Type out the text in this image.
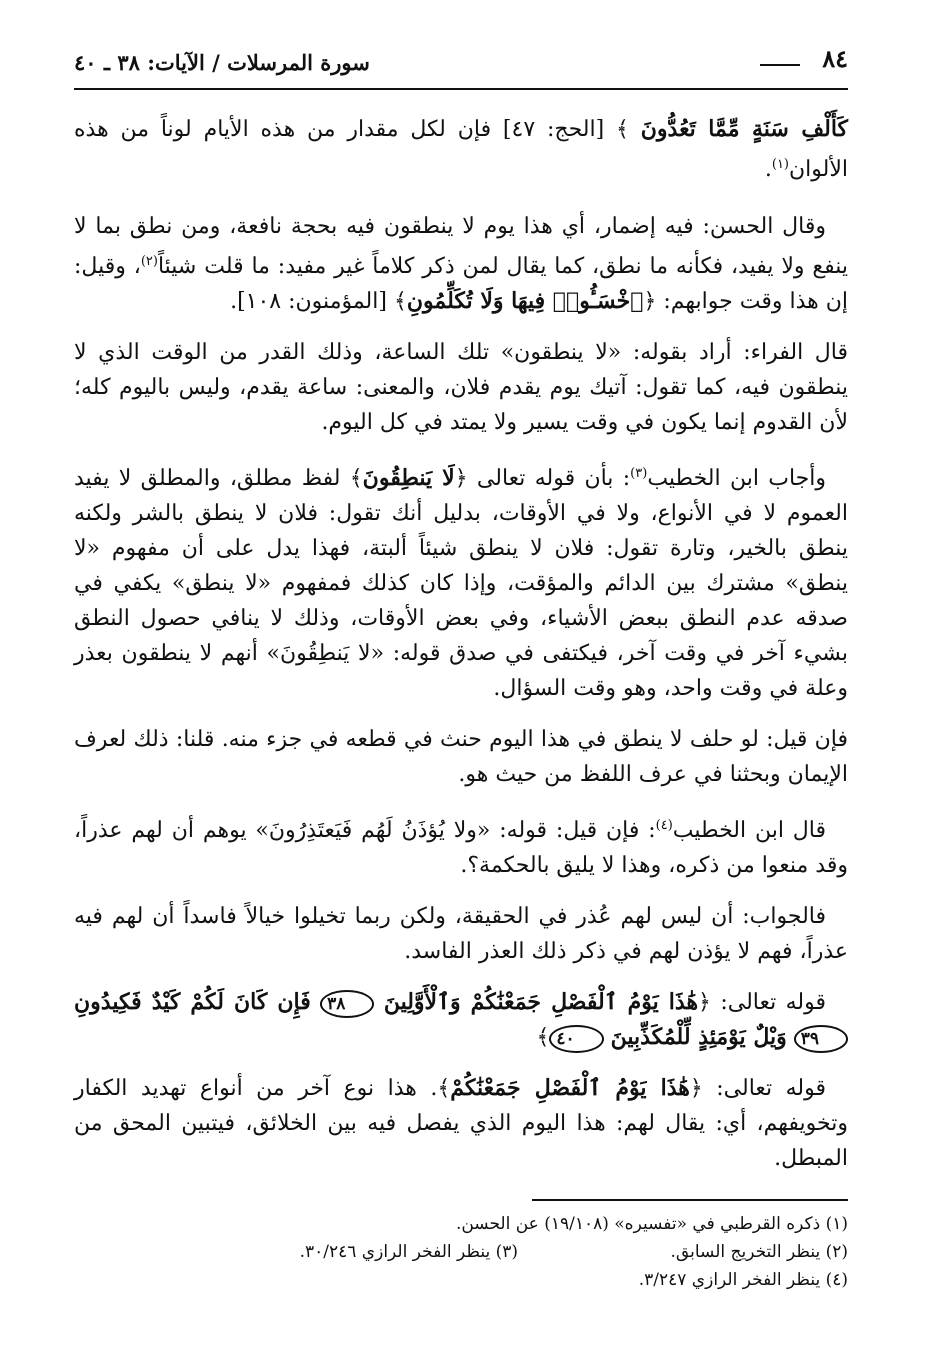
٨٤
سورة المرسلات / الآيات: ٣٨ ـ ٤٠

كَأَلْفِ سَنَةٍ مِّمَّا تَعُدُّونَ ﴾ [الحج: ٤٧] فإن لكل مقدار من هذه الأيام لوناً من هذه الألوان$^{(١)}$.

وقال الحسن: فيه إضمار، أي هذا يوم لا ينطقون فيه بحجة نافعة، ومن نطق بما لا ينفع ولا يفيد، فكأنه ما نطق، كما يقال لمن ذكر كلاماً غير مفيد: ما قلت شيئاً$^{(٢)}$، وقيل: إن هذا وقت جوابهم: ﴿ٱخْسَـُٔوا۟ فِيهَا وَلَا تُكَلِّمُونِ﴾ [المؤمنون: ١٠٨].

قال الفراء: أراد بقوله: «لا ينطقون» تلك الساعة، وذلك القدر من الوقت الذي لا ينطقون فيه، كما تقول: آتيك يوم يقدم فلان، والمعنى: ساعة يقدم، وليس باليوم كله؛ لأن القدوم إنما يكون في وقت يسير ولا يمتد في كل اليوم.

وأجاب ابن الخطيب$^{(٣)}$: بأن قوله تعالى ﴿لَا يَنطِقُونَ﴾ لفظ مطلق، والمطلق لا يفيد العموم لا في الأنواع، ولا في الأوقات، بدليل أنك تقول: فلان لا ينطق بالشر ولكنه ينطق بالخير، وتارة تقول: فلان لا ينطق شيئاً ألبتة، فهذا يدل على أن مفهوم «لا ينطق» مشترك بين الدائم والمؤقت، وإذا كان كذلك فمفهوم «لا ينطق» يكفي في صدقه عدم النطق ببعض الأشياء، وفي بعض الأوقات، وذلك لا ينافي حصول النطق بشيء آخر في وقت آخر، فيكتفى في صدق قوله: «لا يَنطِقُونَ» أنهم لا ينطقون بعذر وعلة في وقت واحد، وهو وقت السؤال.

فإن قيل: لو حلف لا ينطق في هذا اليوم حنث في قطعه في جزء منه. قلنا: ذلك لعرف الإيمان وبحثنا في عرف اللفظ من حيث هو.

قال ابن الخطيب$^{(٤)}$: فإن قيل: قوله: «ولا يُؤذَنُ لَهُم فَيَعتَذِرُونَ» يوهم أن لهم عذراً، وقد منعوا من ذكره، وهذا لا يليق بالحكمة؟.

فالجواب: أن ليس لهم عُذر في الحقيقة، ولكن ربما تخيلوا خيالاً فاسداً أن لهم فيه عذراً، فهم لا يؤذن لهم في ذكر ذلك العذر الفاسد.

قوله تعالى: ﴿هَٰذَا يَوْمُ ٱلْفَصْلِ جَمَعْنَٰكُمْ وَٱلْأَوَّلِينَ ٣٨ فَإِن كَانَ لَكُمْ كَيْدٌ فَكِيدُونِ ٣٩ وَيْلٌ يَوْمَئِذٍ لِّلْمُكَذِّبِينَ ٤٠﴾

قوله تعالى: ﴿هَٰذَا يَوْمُ ٱلْفَصْلِ جَمَعْنَٰكُمْ﴾. هذا نوع آخر من أنواع تهديد الكفار وتخويفهم، أي: يقال لهم: هذا اليوم الذي يفصل فيه بين الخلائق، فيتبين المحق من المبطل.

(١) ذكره القرطبي في «تفسيره» (١٩/١٠٨) عن الحسن.
(٢) ينظر التخريج السابق.
(٣) ينظر الفخر الرازي ٣٠/٢٤٦.
(٤) ينظر الفخر الرازي ٣/٢٤٧.
